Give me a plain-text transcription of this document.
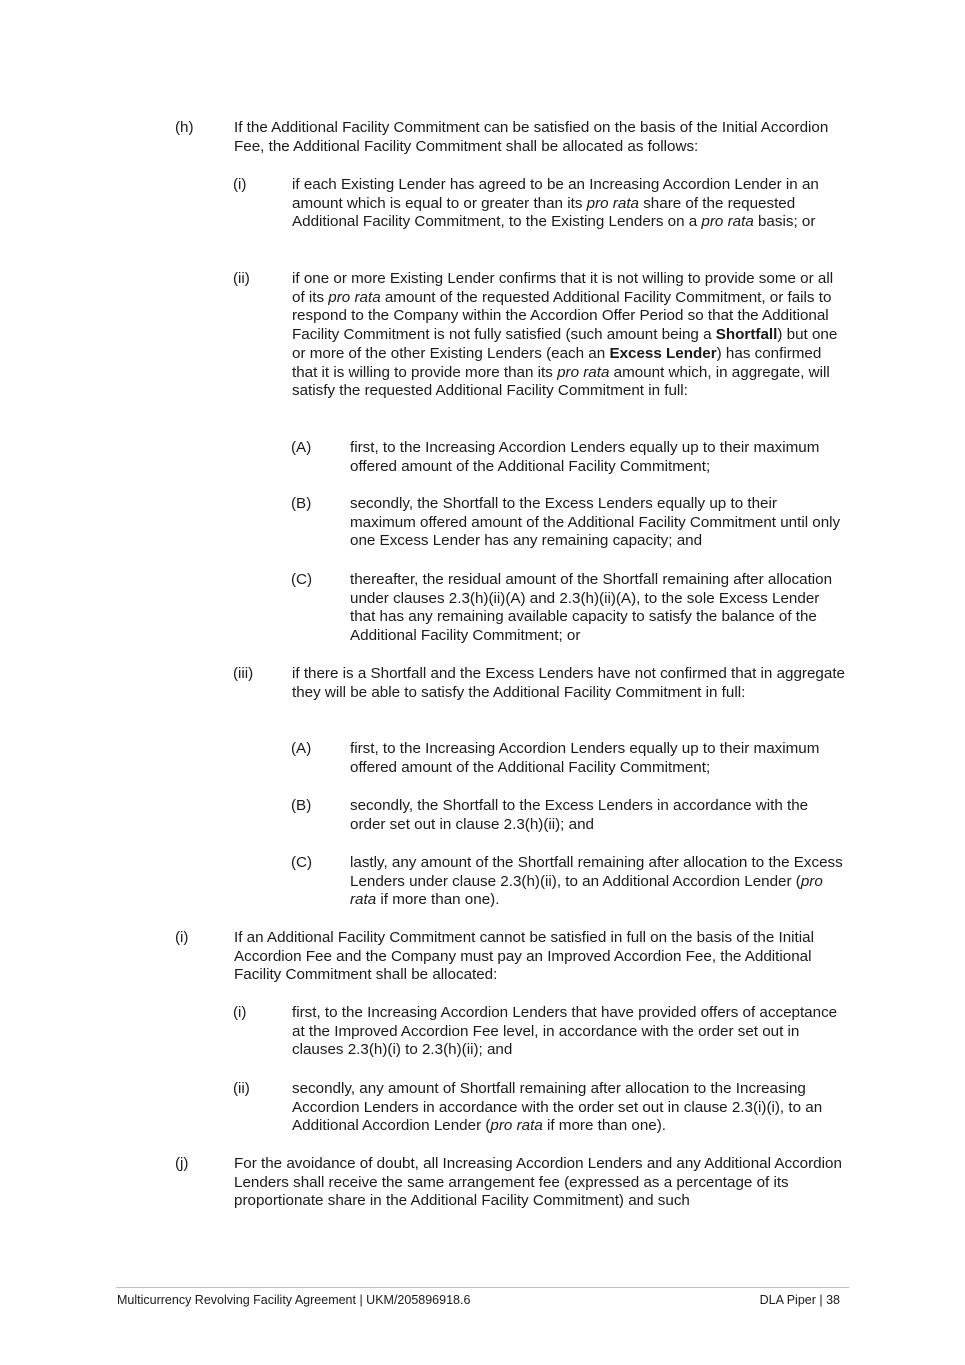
(h)	If the Additional Facility Commitment can be satisfied on the basis of the Initial Accordion Fee, the Additional Facility Commitment shall be allocated as follows:
(i)	if each Existing Lender has agreed to be an Increasing Accordion Lender in an amount which is equal to or greater than its pro rata share of the requested Additional Facility Commitment, to the Existing Lenders on a pro rata basis; or
(ii)	if one or more Existing Lender confirms that it is not willing to provide some or all of its pro rata amount of the requested Additional Facility Commitment, or fails to respond to the Company within the Accordion Offer Period so that the Additional Facility Commitment is not fully satisfied (such amount being a Shortfall) but one or more of the other Existing Lenders (each an Excess Lender) has confirmed that it is willing to provide more than its pro rata amount which, in aggregate, will satisfy the requested Additional Facility Commitment in full:
(A)	first, to the Increasing Accordion Lenders equally up to their maximum offered amount of the Additional Facility Commitment;
(B)	secondly, the Shortfall to the Excess Lenders equally up to their maximum offered amount of the Additional Facility Commitment until only one Excess Lender has any remaining capacity; and
(C) thereafter, the residual amount of the Shortfall remaining after allocation under clauses 2.3(h)(ii)(A) and 2.3(h)(ii)(A), to the sole Excess Lender that has any remaining available capacity to satisfy the balance of the Additional Facility Commitment; or
(iii)	if there is a Shortfall and the Excess Lenders have not confirmed that in aggregate they will be able to satisfy the Additional Facility Commitment in full:
(A)	first, to the Increasing Accordion Lenders equally up to their maximum offered amount of the Additional Facility Commitment;
(B)	secondly, the Shortfall to the Excess Lenders in accordance with the order set out in clause 2.3(h)(ii); and
(C) lastly, any amount of the Shortfall remaining after allocation to the Excess Lenders under clause 2.3(h)(ii), to an Additional Accordion Lender (pro rata if more than one).
(i)	If an Additional Facility Commitment cannot be satisfied in full on the basis of the Initial Accordion Fee and the Company must pay an Improved Accordion Fee, the Additional Facility Commitment shall be allocated:
(i)	first, to the Increasing Accordion Lenders that have provided offers of acceptance at the Improved Accordion Fee level, in accordance with the order set out in clauses 2.3(h)(i) to 2.3(h)(ii); and
(ii)	secondly, any amount of Shortfall remaining after allocation to the Increasing Accordion Lenders in accordance with the order set out in clause 2.3(i)(i), to an Additional Accordion Lender (pro rata if more than one).
(j)	For the avoidance of doubt, all Increasing Accordion Lenders and any Additional Accordion Lenders shall receive the same arrangement fee (expressed as a percentage of its proportionate share in the Additional Facility Commitment) and such
Multicurrency Revolving Facility Agreement | UKM/205896918.6	DLA Piper | 38
